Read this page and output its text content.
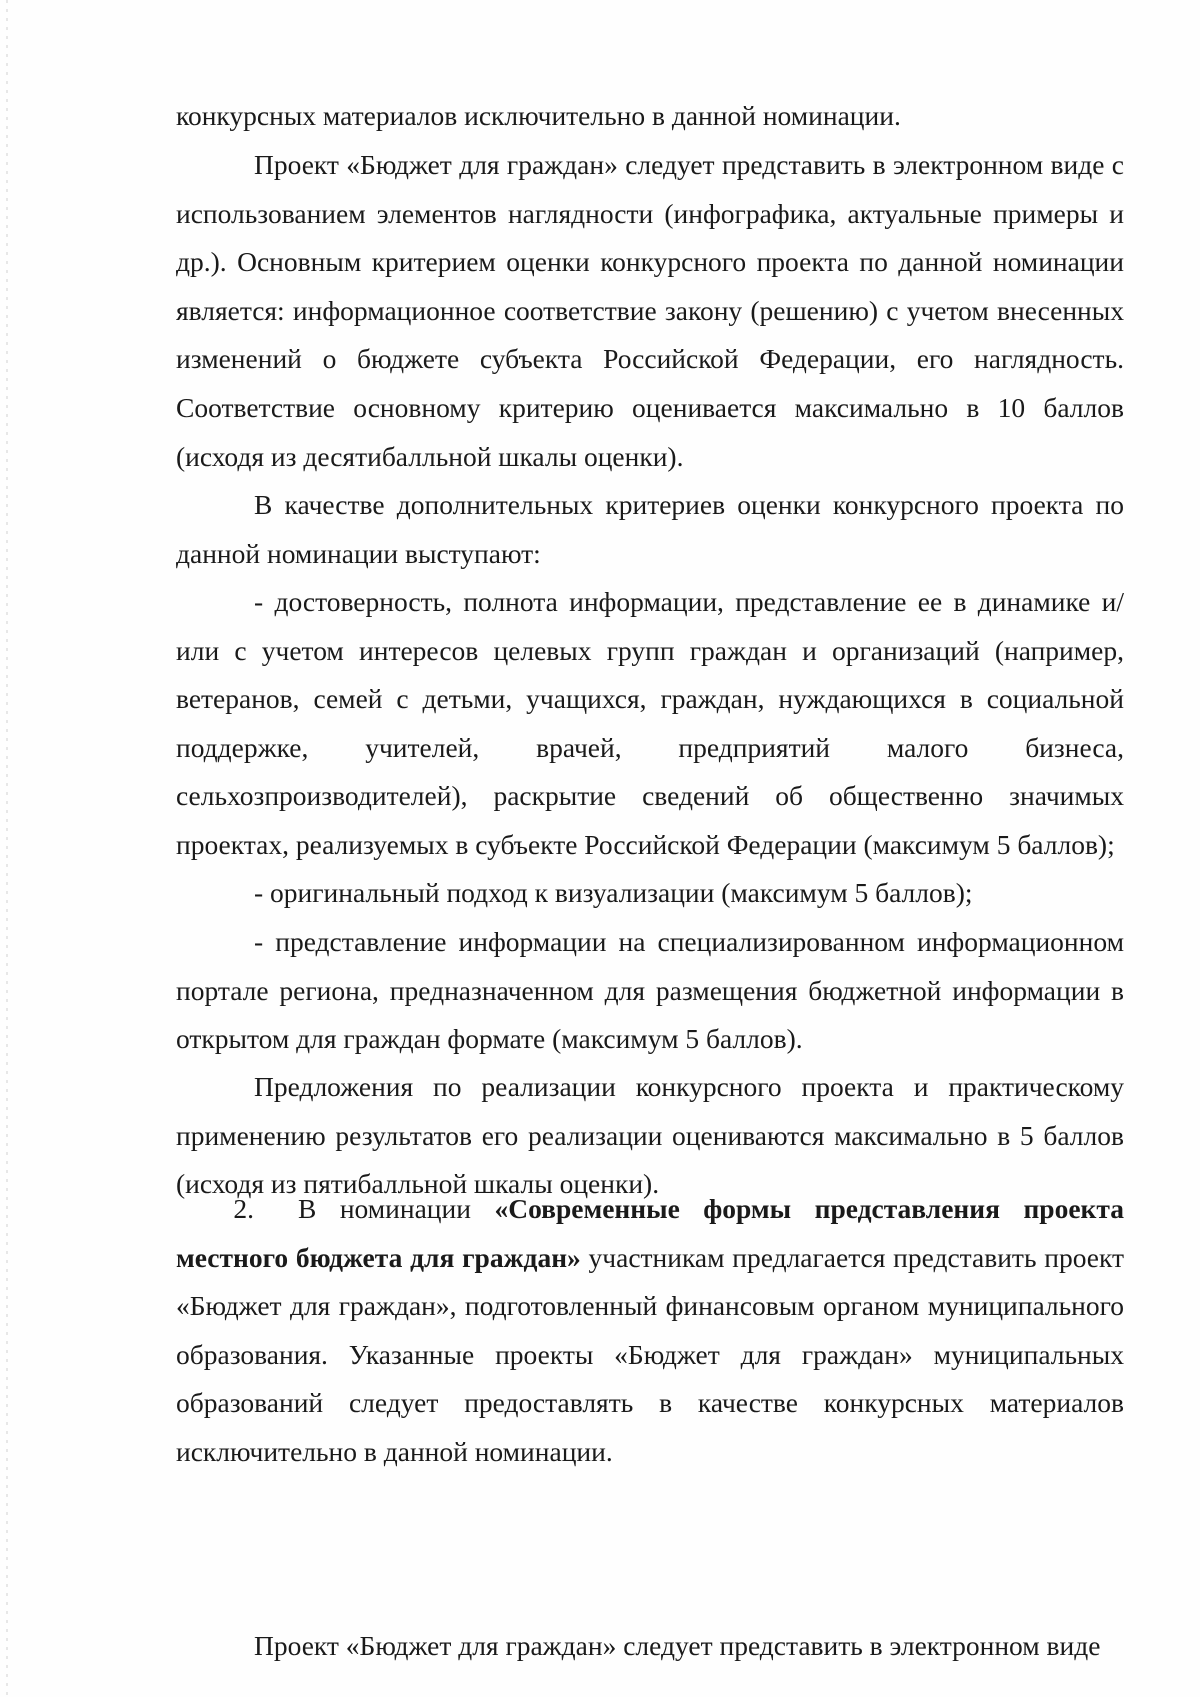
конкурсных материалов исключительно в данной номинации.

Проект «Бюджет для граждан» следует представить в электронном виде с использованием элементов наглядности (инфографика, актуальные примеры и др.). Основным критерием оценки конкурсного проекта по данной номинации является: информационное соответствие закону (решению) с учетом внесенных изменений о бюджете субъекта Российской Федерации, его наглядность. Соответствие основному критерию оценивается максимально в 10 баллов (исходя из десятибалльной шкалы оценки).

В качестве дополнительных критериев оценки конкурсного проекта по данной номинации выступают:

- достоверность, полнота информации, представление ее в динамике и/или с учетом интересов целевых групп граждан и организаций (например, ветеранов, семей с детьми, учащихся, граждан, нуждающихся в социальной поддержке, учителей, врачей, предприятий малого бизнеса, сельхозпроизводителей), раскрытие сведений об общественно значимых проектах, реализуемых в субъекте Российской Федерации (максимум 5 баллов);

- оригинальный подход к визуализации (максимум 5 баллов);

- представление информации на специализированном информационном портале региона, предназначенном для размещения бюджетной информации в открытом для граждан формате (максимум 5 баллов).

Предложения по реализации конкурсного проекта и практическому применению результатов его реализации оцениваются максимально в 5 баллов (исходя из пятибалльной шкалы оценки).

2. В номинации «Современные формы представления проекта местного бюджета для граждан» участникам предлагается представить проект «Бюджет для граждан», подготовленный финансовым органом муниципального образования. Указанные проекты «Бюджет для граждан» муниципальных образований следует предоставлять в качестве конкурсных материалов исключительно в данной номинации.

Проект «Бюджет для граждан» следует представить в электронном виде
